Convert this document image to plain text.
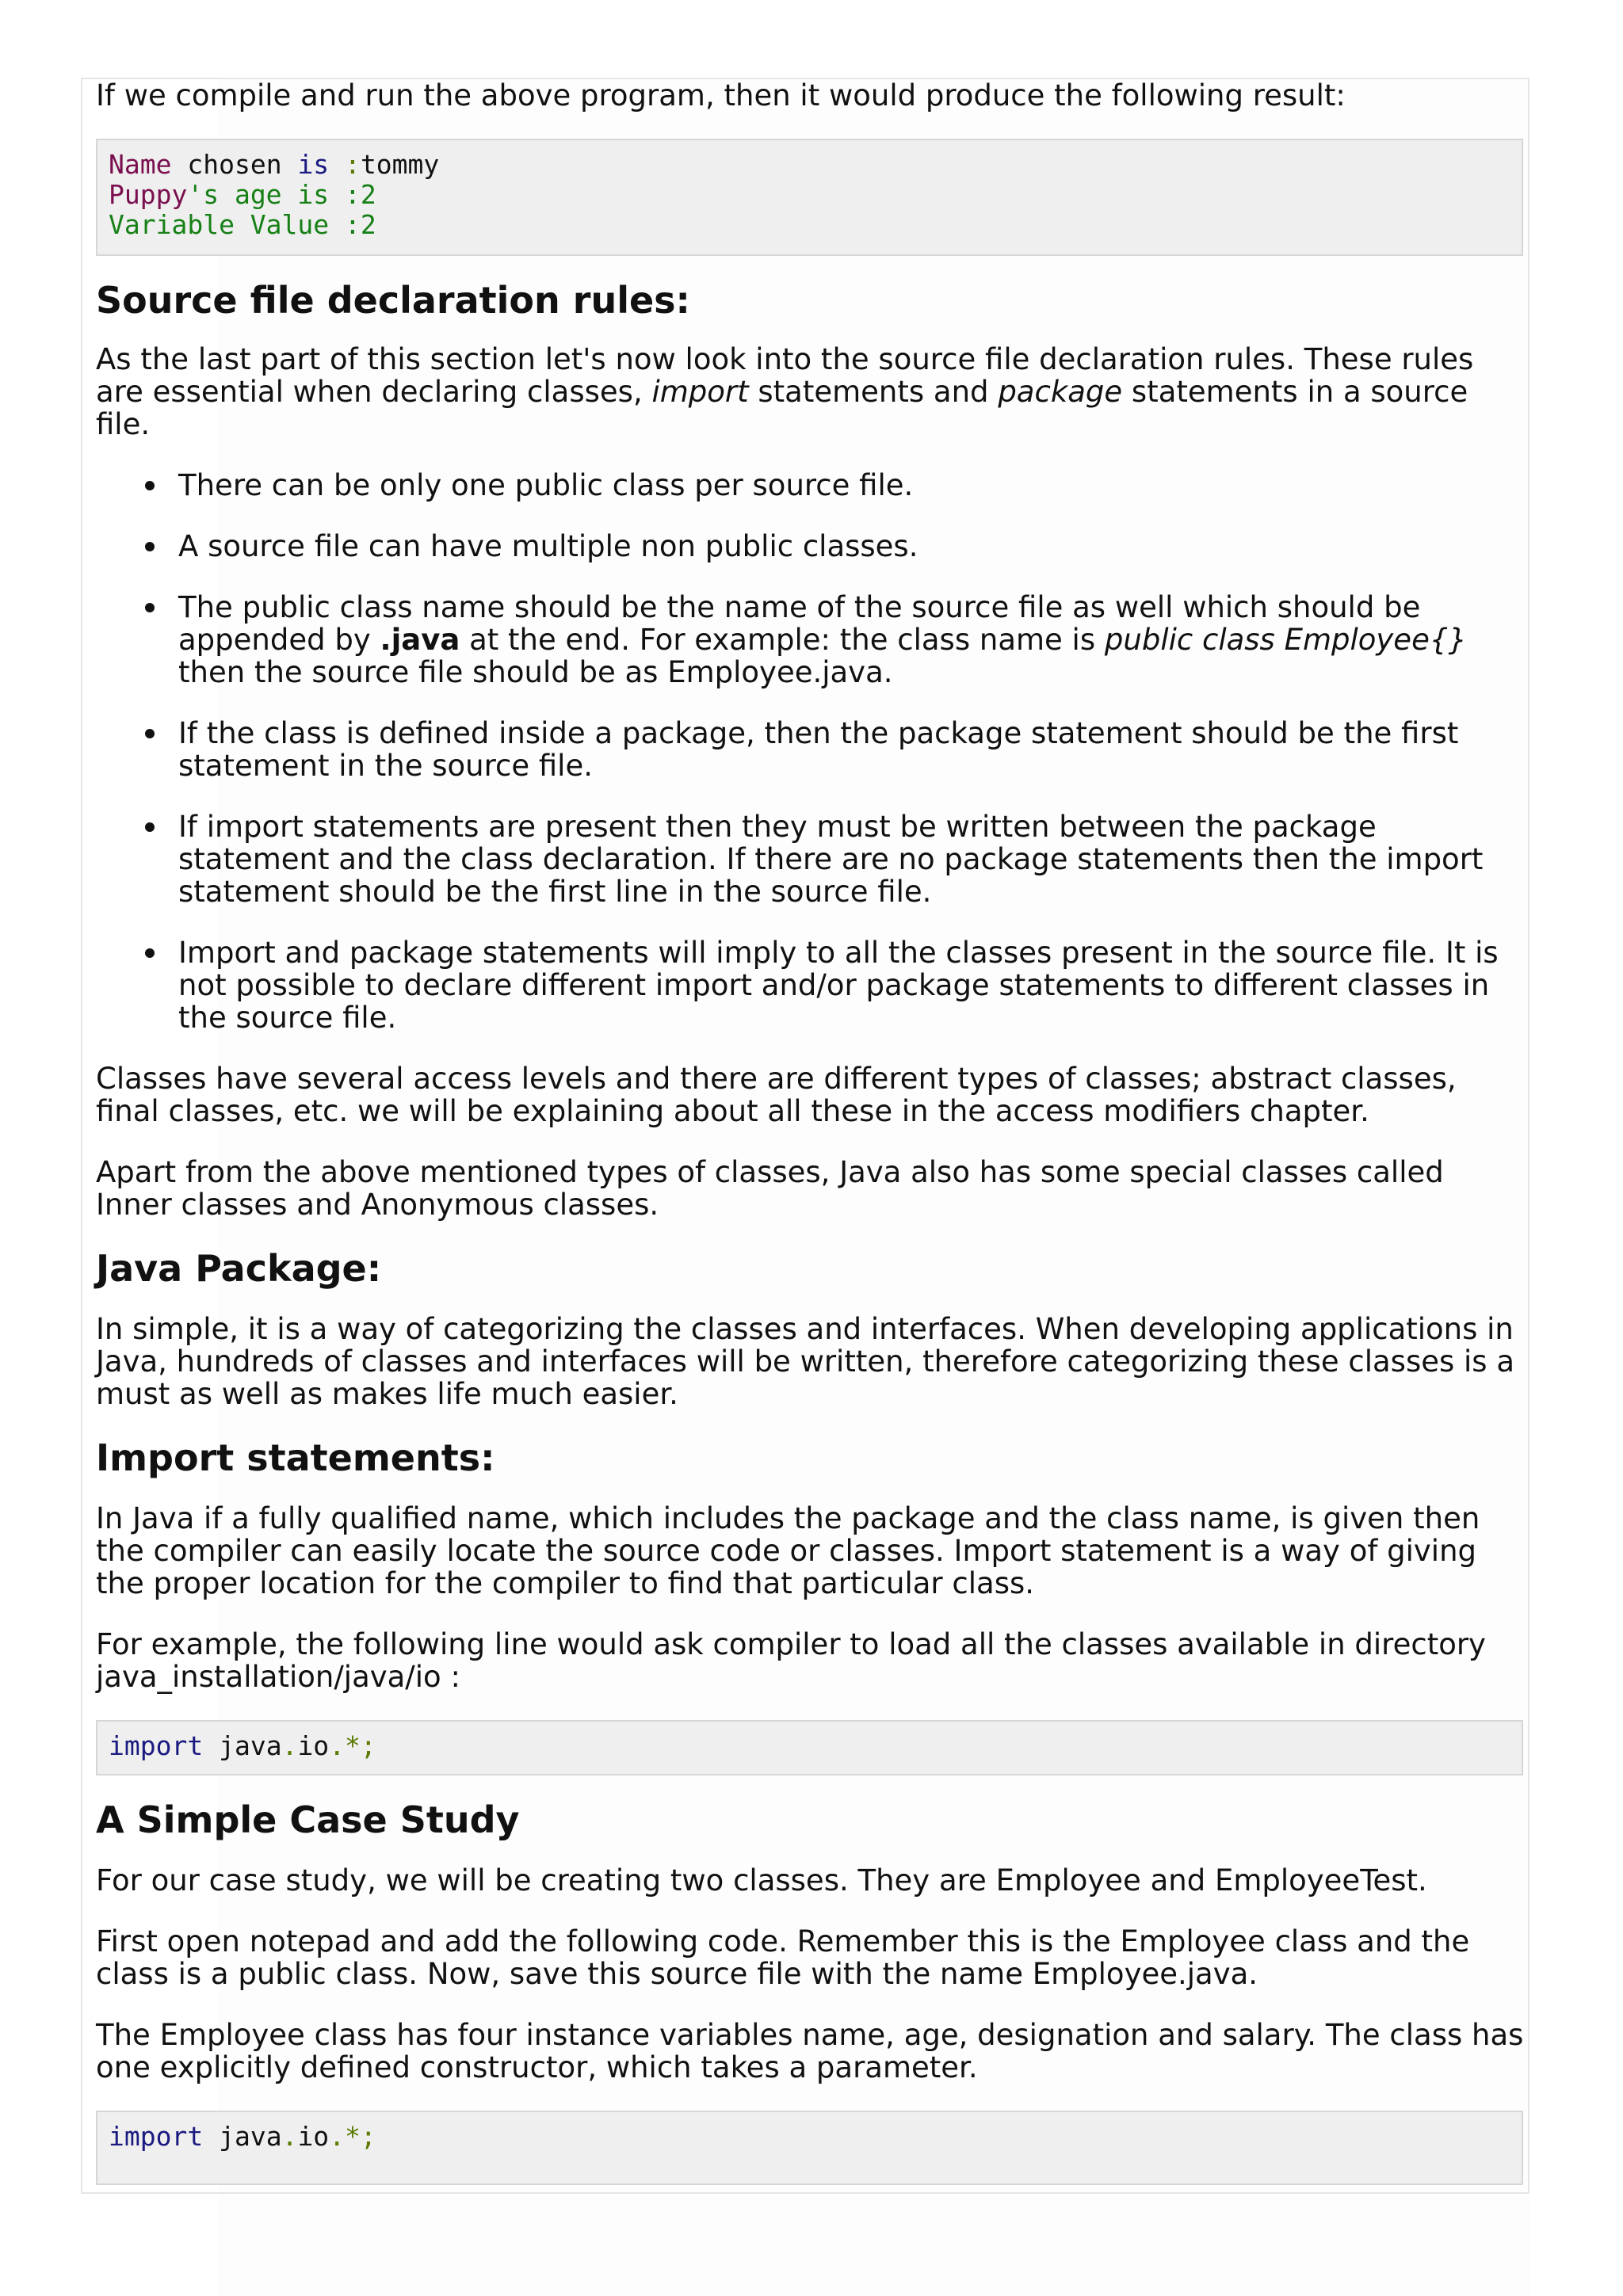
If we compile and run the above program, then it would produce the following result:

Name chosen is :tommy
Puppy's age is :2
Variable Value :2
Source file declaration rules:

As the last part of this section let's now look into the source file declaration rules. These rules are essential when declaring classes, import statements and package statements in a source file.

There can be only one public class per source file.
A source file can have multiple non public classes.
The public class name should be the name of the source file as well which should be appended by .java at the end. For example: the class name is public class Employee{} then the source file should be as Employee.java.
If the class is defined inside a package, then the package statement should be the first statement in the source file.
If import statements are present then they must be written between the package statement and the class declaration. If there are no package statements then the import statement should be the first line in the source file.
Import and package statements will imply to all the classes present in the source file. It is not possible to declare different import and/or package statements to different classes in the source file.

Classes have several access levels and there are different types of classes; abstract classes, final classes, etc. we will be explaining about all these in the access modifiers chapter.

Apart from the above mentioned types of classes, Java also has some special classes called Inner classes and Anonymous classes.

Java Package:

In simple, it is a way of categorizing the classes and interfaces. When developing applications in Java, hundreds of classes and interfaces will be written, therefore categorizing these classes is a must as well as makes life much easier.

Import statements:

In Java if a fully qualified name, which includes the package and the class name, is given then the compiler can easily locate the source code or classes. Import statement is a way of giving the proper location for the compiler to find that particular class.

For example, the following line would ask compiler to load all the classes available in directory java_installation/java/io :

import java.io.*;
A Simple Case Study

For our case study, we will be creating two classes. They are Employee and EmployeeTest.

First open notepad and add the following code. Remember this is the Employee class and the class is a public class. Now, save this source file with the name Employee.java.

The Employee class has four instance variables name, age, designation and salary. The class has one explicitly defined constructor, which takes a parameter.

import java.io.*;
